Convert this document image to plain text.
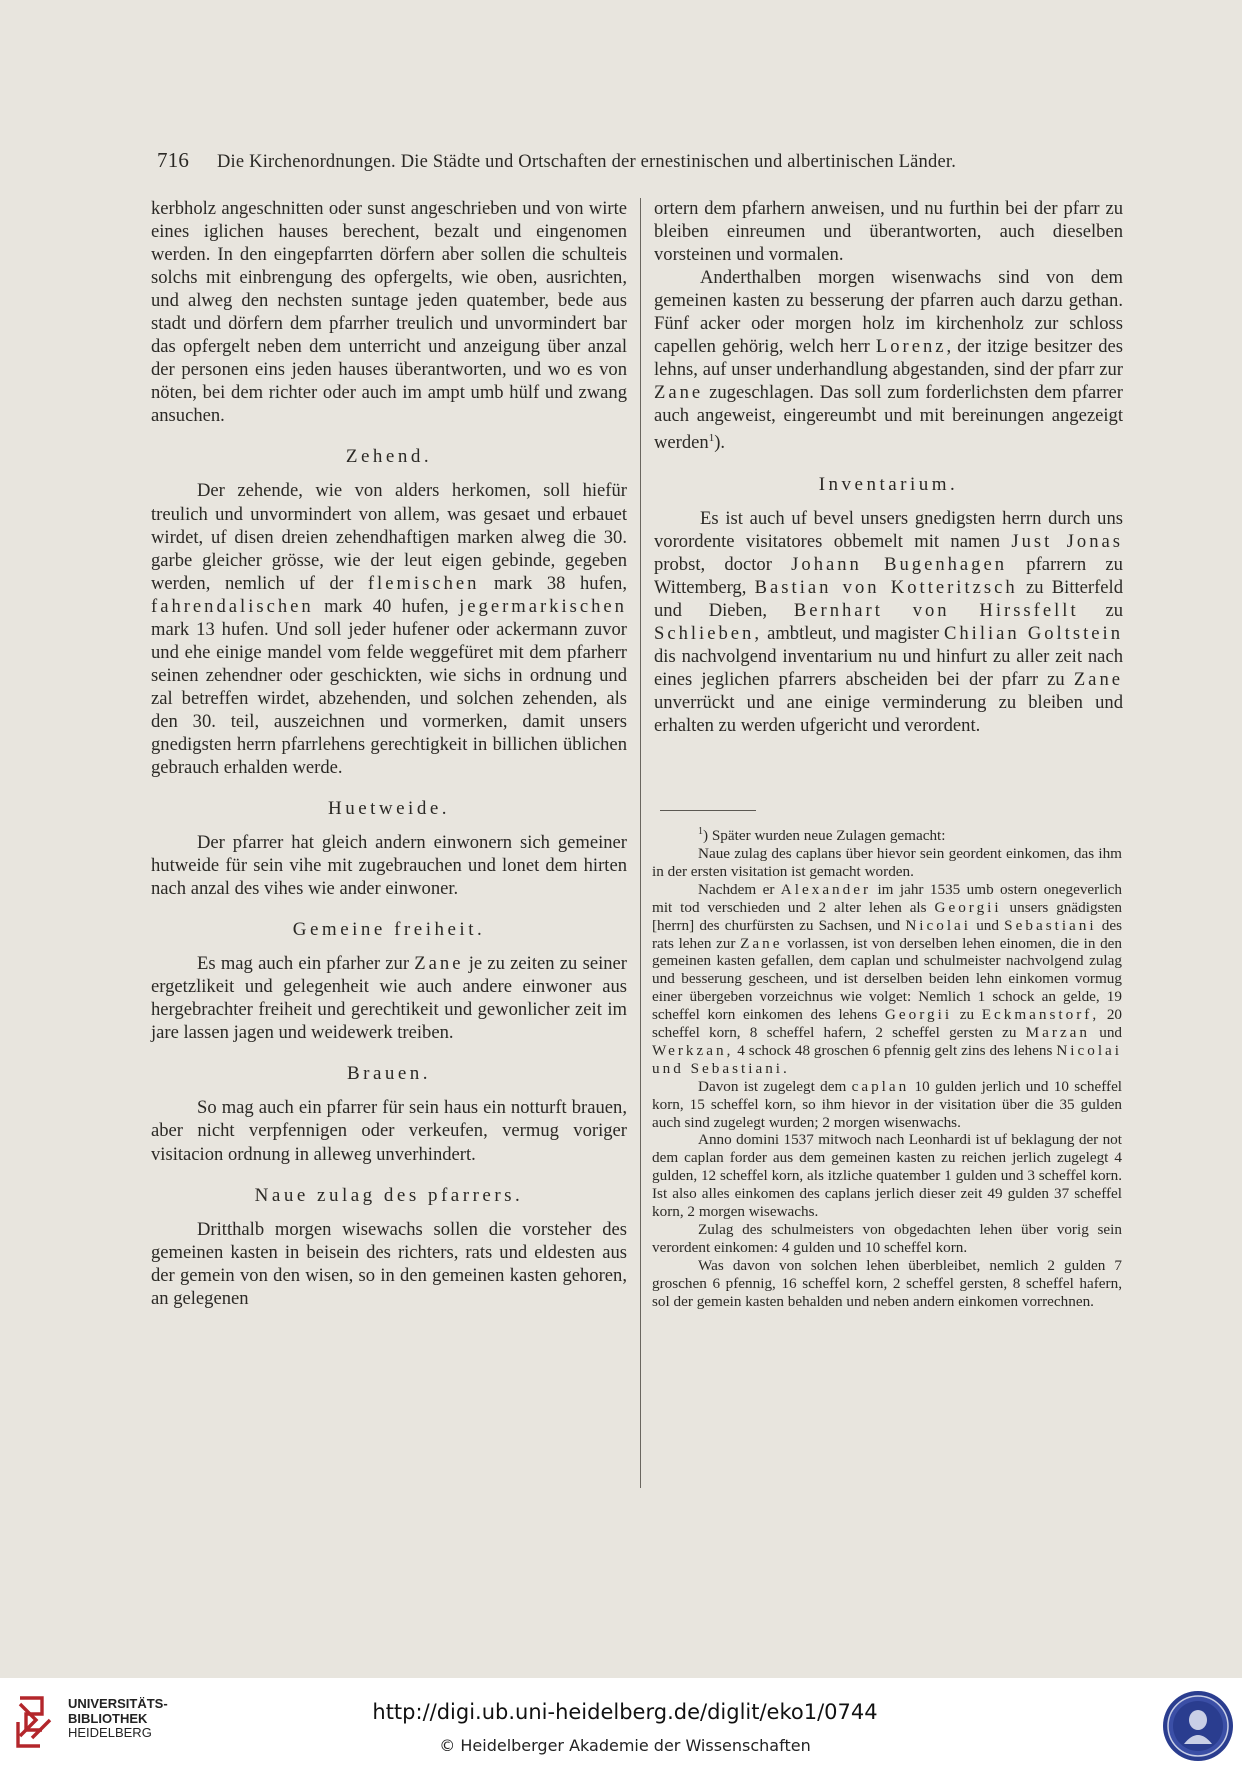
716 Die Kirchenordnungen. Die Städte und Ortschaften der ernestinischen und albertinischen Länder.

kerbholz angeschnitten oder sunst angeschrieben und von wirte eines iglichen hauses berechent, bezalt und eingenomen werden. In den eingepfarrten dörfern aber sollen die schulteis solchs mit einbrengung des opfergelts, wie oben, ausrichten, und alweg den nechsten suntage jeden quatember, bede aus stadt und dörfern dem pfarrher treulich und unvormindert bar das opfergelt neben dem unterricht und anzeigung über anzal der personen eins jeden hauses überantworten, und wo es von nöten, bei dem richter oder auch im ampt umb hülf und zwang ansuchen.

Zehend.

Der zehende, wie von alders herkomen, soll hiefür treulich und unvormindert von allem, was gesaet und erbauet wirdet, uf disen dreien zehendhaftigen marken alweg die 30. garbe gleicher grösse, wie der leut eigen gebinde, gegeben werden, nemlich uf der flemischen mark 38 hufen, fahrendalischen mark 40 hufen, jegermarkischen mark 13 hufen. Und soll jeder hufener oder ackermann zuvor und ehe einige mandel vom felde weggefüret mit dem pfarherr seinen zehendner oder geschickten, wie sichs in ordnung und zal betreffen wirdet, abzehenden, und solchen zehenden, als den 30. teil, auszeichnen und vormerken, damit unsers gnedigsten herrn pfarrlehens gerechtigkeit in billichen üblichen gebrauch erhalden werde.

Huetweide.

Der pfarrer hat gleich andern einwonern sich gemeiner hutweide für sein vihe mit zugebrauchen und lonet dem hirten nach anzal des vihes wie ander einwoner.

Gemeine freiheit.

Es mag auch ein pfarher zur Zane je zu zeiten zu seiner ergetzlikeit und gelegenheit wie auch andere einwoner aus hergebrachter freiheit und gerechtikeit und gewonlicher zeit im jare lassen jagen und weidewerk treiben.

Brauen.

So mag auch ein pfarrer für sein haus ein notturft brauen, aber nicht verpfennigen oder verkeufen, vermug voriger visitacion ordnung in alleweg unverhindert.

Naue zulag des pfarrers.

Dritthalb morgen wisewachs sollen die vorsteher des gemeinen kasten in beisein des richters, rats und eldesten aus der gemein von den wisen, so in den gemeinen kasten gehoren, an gelegenen

ortern dem pfarhern anweisen, und nu furthin bei der pfarr zu bleiben einreumen und überantworten, auch dieselben vorsteinen und vormalen.

Anderthalben morgen wisenwachs sind von dem gemeinen kasten zu besserung der pfarren auch darzu gethan. Fünf acker oder morgen holz im kirchenholz zur schloss capellen gehörig, welch herr Lorenz, der itzige besitzer des lehns, auf unser underhandlung abgestanden, sind der pfarr zur Zane zugeschlagen. Das soll zum forderlichsten dem pfarrer auch angeweist, eingereumbt und mit bereinungen angezeigt werden$^1$).

Inventarium.

Es ist auch uf bevel unsers gnedigsten herrn durch uns vorordente visitatores obbemelt mit namen Just Jonas probst, doctor Johann Bugenhagen pfarrern zu Wittemberg, Bastian von Kotteritzsch zu Bitterfeld und Dieben, Bernhart von Hirssfellt zu Schlieben, ambtleut, und magister Chilian Goltstein dis nachvolgend inventarium nu und hinfurt zu aller zeit nach eines jeglichen pfarrers abscheiden bei der pfarr zu Zane unverrückt und ane einige verminderung zu bleiben und erhalten zu werden ufgericht und verordent.

$^1$) Später wurden neue Zulagen gemacht:

Naue zulag des caplans über hievor sein geordent einkomen, das ihm in der ersten visitation ist gemacht worden.

Nachdem er Alexander im jahr 1535 umb ostern onegeverlich mit tod verschieden und 2 alter lehen als Georgii unsers gnädigsten [herrn] des churfürsten zu Sachsen, und Nicolai und Sebastiani des rats lehen zur Zane vorlassen, ist von derselben lehen einomen, die in den gemeinen kasten gefallen, dem caplan und schulmeister nachvolgend zulag und besserung gescheen, und ist derselben beiden lehn einkomen vormug einer übergeben vorzeichnus wie volget: Nemlich 1 schock an gelde, 19 scheffel korn einkomen des lehens Georgii zu Eckmanstorf, 20 scheffel korn, 8 scheffel hafern, 2 scheffel gersten zu Marzan und Werkzan, 4 schock 48 groschen 6 pfennig gelt zins des lehens Nicolai und Sebastiani.

Davon ist zugelegt dem caplan 10 gulden jerlich und 10 scheffel korn, 15 scheffel korn, so ihm hievor in der visitation über die 35 gulden auch sind zugelegt wurden; 2 morgen wisenwachs.

Anno domini 1537 mitwoch nach Leonhardi ist uf beklagung der not dem caplan forder aus dem gemeinen kasten zu reichen jerlich zugelegt 4 gulden, 12 scheffel korn, als itzliche quatember 1 gulden und 3 scheffel korn. Ist also alles einkomen des caplans jerlich dieser zeit 49 gulden 37 scheffel korn, 2 morgen wisewachs.

Zulag des schulmeisters von obgedachten lehen über vorig sein verordent einkomen: 4 gulden und 10 scheffel korn.

Was davon von solchen lehen überbleibet, nemlich 2 gulden 7 groschen 6 pfennig, 16 scheffel korn, 2 scheffel gersten, 8 scheffel hafern, sol der gemein kasten behalden und neben andern einkomen vorrechnen.

UNIVERSITÄTS-
BIBLIOTHEK
HEIDELBERG
http://digi.ub.uni-heidelberg.de/diglit/eko1/0744
© Heidelberger Akademie der Wissenschaften
